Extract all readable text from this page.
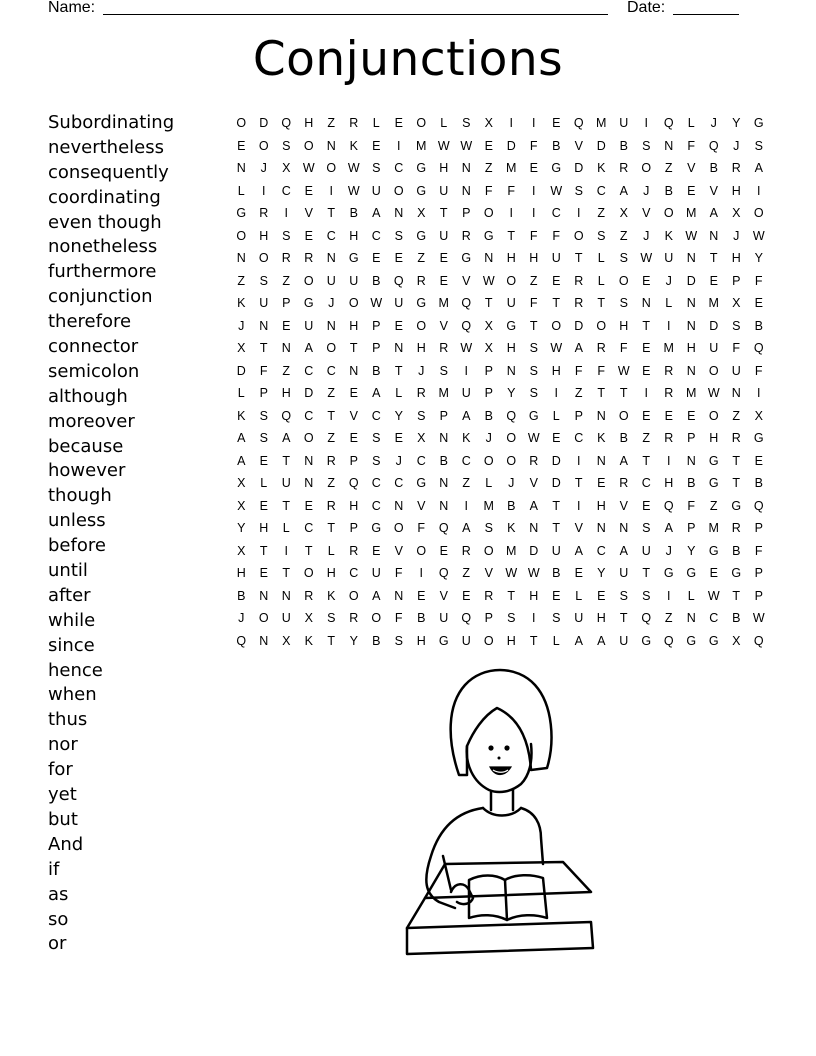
Name:	Date:
Conjunctions
Subordinating
nevertheless
consequently
coordinating
even though
nonetheless
furthermore
conjunction
therefore
connector
semicolon
although
moreover
because
however
though
unless
before
until
after
while
since
hence
when
thus
nor
for
yet
but
And
if
as
so
or
O	D	Q	H	Z	R	L	E	O	L	S	X	I	I	E	Q M	U	I	Q	L	J	Y	G
E	O	S	O	N	K	E	I	M W W E	D	F	B	V	D	B	S	N	F	Q	J	S
N	J	X W O W S	C	G	H	N	Z	M	E	G	D	K	R	O	Z	V	B	R	A
L	I	C	E	I	W U	O	G	U	N	F	F	I	W S	C	A	J	B	E	V	H	I
G	R	I	V	T	B	A	N	X	T	P	O	I	I	C	I	Z	X	V	O M	A	X	O
O	H	S	E	C	H	C	S	G	U	R	G	T	F	F	O	S	Z	J	K W N	J	W
N	O	R	R	N	G	E	E	Z	E	G	N	H	H	U	T	L	S W U	N	T	H	Y
Z	S	Z	O	U	U	B	Q	R	E	V W O	Z	E	R	L	O	E	J	D	E	P	F
K	U	P	G	J	O W U	G M Q	T	U	F	T	R	T	S	N	L	N	M	X	E
J	N	E	U	N	H	P	E	O	V	Q	X	G	T	O	D	O	H	T	I	N	D	S	B
X	T	N	A	O	T	P	N	H	R W X	H	S W A	R	F	E	M	H	U	F	Q
D	F	Z	C	C	N	B	T	J	S	I	P	N	S	H	F	F	W E	R	N	O	U	F
L	P	H	D	Z	E	A	L	R	M	U	P	Y	S	I	Z	T	T	I	R	M W N	I
K	S	Q	C	T	V	C	Y	S	P	A	B	Q	G	L	P	N	O	E	E	E	O	Z	X
A	S	A	O	Z	E	S	E	X	N	K	J	O W E	C	K	B	Z	R	P	H	R	G
A	E	T	N	R	P	S	J	C	B	C	O	O	R	D	I	N	A	T	I	N	G	T	E
X	L	U	N	Z	Q	C	C	G	N	Z	L	J	V	D	T	E	R	C	H	B	G	T	B
X	E	T	E	R	H	C	N	V	N	I	M	B	A	T	I	H	V	E	Q	F	Z	G	Q
Y	H	L	C	T	P	G	O	F	Q	A	S	K	N	T	V	N	N	S	A	P	M	R	P
X	T	I	T	L	R	E	V	O	E	R	O M	D	U	A	C	A	U	J	Y	G	B	F
H	E	T	O	H	C	U	F	I	Q	Z	V W W B	E	Y	U	T	G	G	E	G	P
B	N	N	R	K	O	A	N	E	V	E	R	T	H	E	L	E	S	S	I	L	W	T	P
J	O	U	X	S	R	O	F	B	U	Q	P	S	I	S	U	H	T	Q	Z	N	C	B W
Q	N	X	K	T	Y	B	S	H	G	U	O	H	T	L	A	A	U	G	Q	G	G	X	Q
